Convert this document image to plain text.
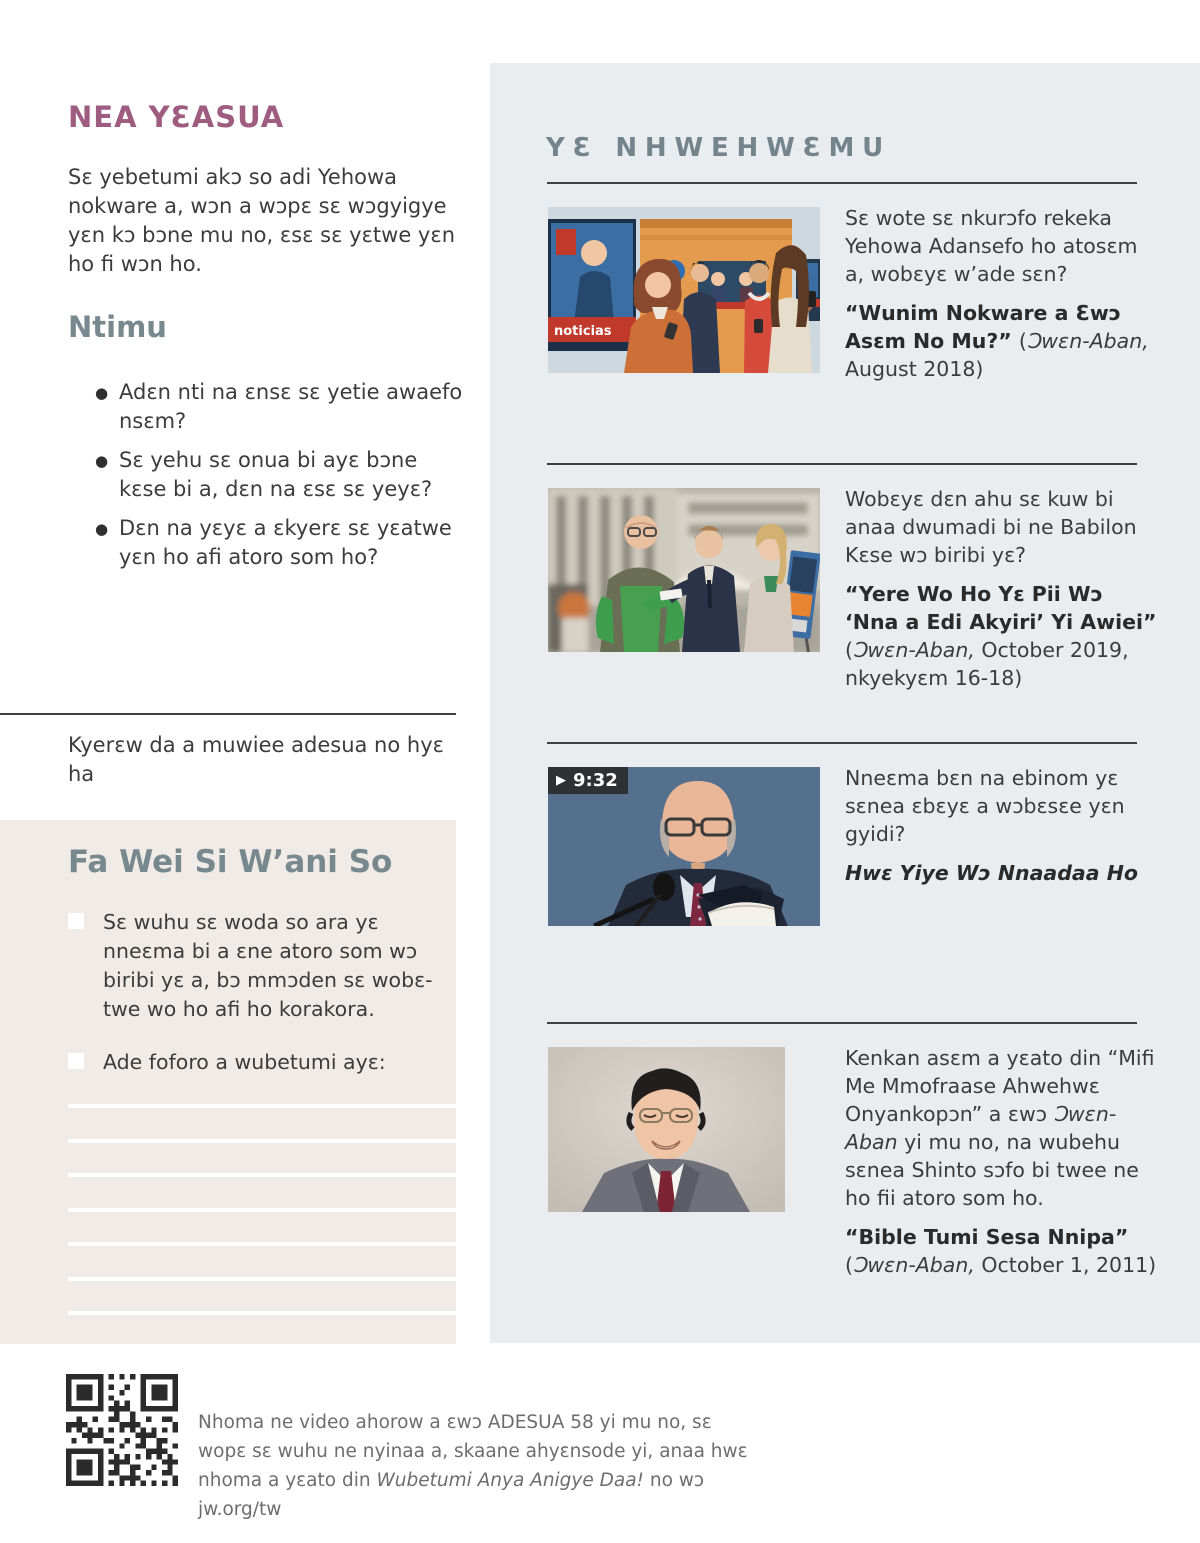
NEA YƐASUA

Sɛ yebetumi akɔ so adi Yehowa nokware a, wɔn a wɔpɛ sɛ wɔgyigye yɛn kɔ bɔne mu no, ɛsɛ sɛ yɛtwe yɛn ho fi wɔn ho.

Ntimu
● Adɛn nti na ɛnsɛ sɛ yetie awaefo nsɛm?
● Sɛ yehu sɛ onua bi ayɛ bɔne kɛse bi a, dɛn na ɛsɛ sɛ yeyɛ?
● Dɛn na yɛyɛ a ɛkyerɛ sɛ yɛatwe yɛn ho afi atoro som ho?

Kyerɛw da a muwiee adesua no hyɛ ha

Fa Wei Si W’ani So

Sɛ wuhu sɛ woda so ara yɛ nneɛma bi a ɛne atoro som wɔ biribi yɛ a, bɔ mmɔden sɛ wobɛ-twe wo ho afi ho korakora.

Ade foforo a wubetumi ayɛ:

YƐ NHWEHWƐMU
noticias

Sɛ wote sɛ nkurɔfo rekeka Yehowa Adansefo ho atosɛm a, wobɛyɛ w’ade sɛn?

“Wunim Nokware a Ɛwɔ Asɛm No Mu?” (Ɔwɛn-Aban, August 2018)

Wobɛyɛ dɛn ahu sɛ kuw bi anaa dwumadi bi ne Babilon Kɛse wɔ biribi yɛ?

“Yere Wo Ho Yɛ Pii Wɔ ‘Nna a Edi Akyiri’ Yi Awiei” (Ɔwɛn-Aban, October 2019, nkyekyɛm 16-18)

▶ 9:32	Nneɛma bɛn na ebinom yɛ sɛnea ɛbɛyɛ a wɔbɛsɛe yɛn gyidi?

Hwɛ Yiye Wɔ Nnaadaa Ho

Kenkan asɛm a yɛato din “Mifi Me Mmofraase Ahwehwɛ Onyankopɔn” a ɛwɔ Ɔwɛn-Aban yi mu no, na wubehu sɛnea Shinto sɔfo bi twee ne ho fii atoro som ho.

“Bible Tumi Sesa Nnipa” (Ɔwɛn-Aban, October 1, 2011)

Nhoma ne video ahorow a ɛwɔ ADESUA 58 yi mu no, sɛ wopɛ sɛ wuhu ne nyinaa a, skaane ahyɛnsode yi, anaa hwɛ nhoma a yɛato din Wubetumi Anya Anigye Daa! no wɔ jw.org/tw
